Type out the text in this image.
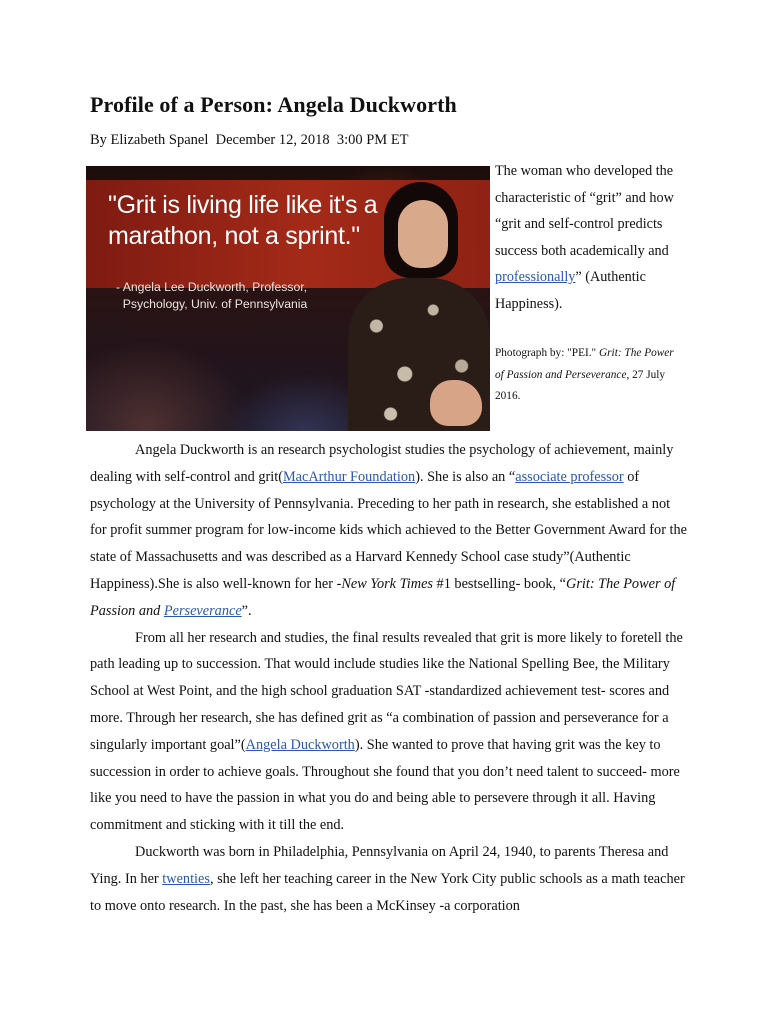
Profile of a Person: Angela Duckworth
By Elizabeth Spanel  December 12, 2018  3:00 PM ET

"Grit is living life like it's a
marathon, not a sprint."

- Angela Lee Duckworth, Professor,
Psychology, Univ. of Pennsylvania

The woman who developed the characteristic of “grit” and how “grit and self-control predicts success both academically and professionally” (Authentic Happiness).

Photograph by: "PEI." Grit: The Power of Passion and Perseverance, 27 July 2016.

Angela Duckworth is an research psychologist studies the psychology of achievement, mainly dealing with self-control and grit(MacArthur Foundation). She is also an “associate professor of psychology at the University of Pennsylvania. Preceding to her path in research, she established a not for profit summer program for low-income kids which achieved to the Better Government Award for the state of Massachusetts and was described as a Harvard Kennedy School case study”(Authentic Happiness).She is also well-known for her -New York Times #1 bestselling- book, “Grit: The Power of Passion and Perseverance”.

From all her research and studies, the final results revealed that grit is more likely to foretell the path leading up to succession. That would include studies like the National Spelling Bee, the Military School at West Point, and the high school graduation SAT -standardized achievement test- scores and more. Through her research, she has defined grit as “a combination of passion and perseverance for a singularly important goal”(Angela Duckworth). She wanted to prove that having grit was the key to succession in order to achieve goals. Throughout she found that you don’t need talent to succeed- more like you need to have the passion in what you do and being able to persevere through it all. Having commitment and sticking with it till the end.

Duckworth was born in Philadelphia, Pennsylvania on April 24, 1940, to parents Theresa and Ying. In her twenties, she left her teaching career in the New York City public schools as a math teacher to move onto research. In the past, she has been a McKinsey -a corporation
